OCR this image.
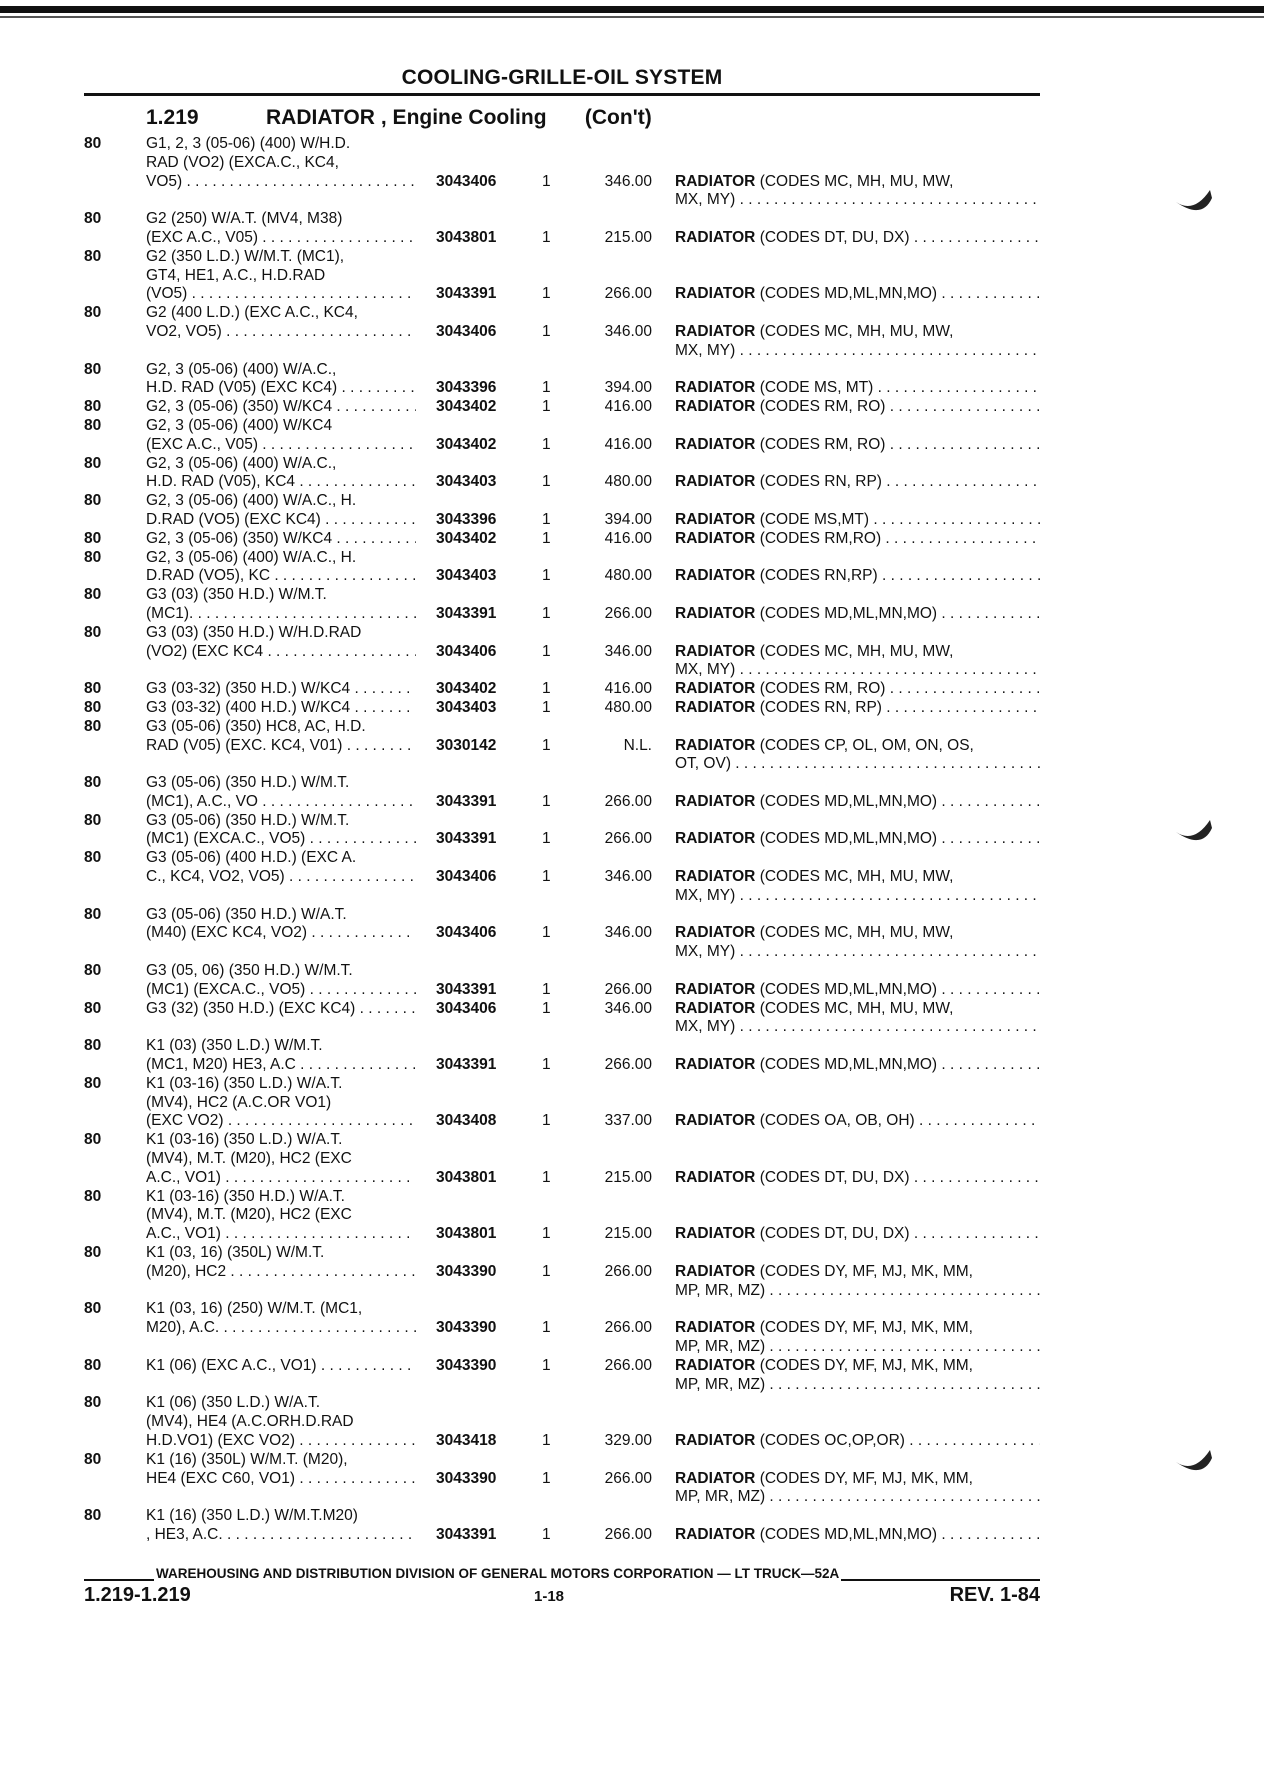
COOLING-GRILLE-OIL SYSTEM
1.219	RADIATOR , Engine Cooling (Con't)
80	G1, 2, 3 (05-06) (400) W/H.D.
RAD (VO2) (EXCA.C., KC4,
VO5) . . .	3043406	1	346.00 RADIATOR (CODES MC, MH, MU, MW,
MX, MY) . . .
80	G2 (250) W/A.T. (MV4, M38)
(EXC A.C., V05) . . .	3043801	1	215.00 RADIATOR (CODES DT, DU, DX) . . .
80	G2 (350 L.D.) W/M.T. (MC1),
GT4, HE1, A.C., H.D.RAD
(VO5) . . .	3043391	1	266.00 RADIATOR (CODES MD,ML,MN,MO) . . .
80	G2 (400 L.D.) (EXC A.C., KC4,
VO2, VO5) . . .	3043406	1	346.00 RADIATOR (CODES MC, MH, MU, MW,
MX, MY) . . .
80	G2, 3 (05-06) (400) W/A.C.,
H.D. RAD (V05) (EXC KC4) . . .	3043396	1	394.00 RADIATOR (CODE MS, MT) . . .
80	G2, 3 (05-06) (350) W/KC4 . . .	3043402	1	416.00 RADIATOR (CODES RM, RO) . . .
80	G2, 3 (05-06) (400) W/KC4
(EXC A.C., V05) . . .	3043402	1	416.00 RADIATOR (CODES RM, RO) . . .
80	G2, 3 (05-06) (400) W/A.C.,
H.D. RAD (V05), KC4 . . .	3043403	1	480.00 RADIATOR (CODES RN, RP) . . .
80	G2, 3 (05-06) (400) W/A.C., H.
D.RAD (VO5) (EXC KC4) . . .	3043396	1	394.00 RADIATOR (CODE MS,MT) . . .
80	G2, 3 (05-06) (350) W/KC4 . . .	3043402	1	416.00 RADIATOR (CODES RM,RO) . . .
80	G2, 3 (05-06) (400) W/A.C., H.
D.RAD (VO5), KC . . .	3043403	1	480.00 RADIATOR (CODES RN,RP) . . .
80	G3 (03) (350 H.D.) W/M.T.
(MC1). . . .	3043391	1	266.00 RADIATOR (CODES MD,ML,MN,MO) . . .
80	G3 (03) (350 H.D.) W/H.D.RAD
(VO2) (EXC KC4 . . .	3043406	1	346.00 RADIATOR (CODES MC, MH, MU, MW,
MX, MY) . . .
80	G3 (03-32) (350 H.D.) W/KC4 . . .	3043402	1	416.00 RADIATOR (CODES RM, RO) . . .
80	G3 (03-32) (400 H.D.) W/KC4 . . .	3043403	1	480.00 RADIATOR (CODES RN, RP) . . .
80	G3 (05-06) (350) HC8, AC, H.D.
RAD (V05) (EXC. KC4, V01) . . .	3030142	1	N.L. RADIATOR (CODES CP, OL, OM, ON, OS,
OT, OV) . . .
80	G3 (05-06) (350 H.D.) W/M.T.
(MC1), A.C., VO . . .	3043391	1	266.00 RADIATOR (CODES MD,ML,MN,MO) . . .
80	G3 (05-06) (350 H.D.) W/M.T.
(MC1) (EXCA.C., VO5) . . .	3043391	1	266.00 RADIATOR (CODES MD,ML,MN,MO) . . .
80	G3 (05-06) (400 H.D.) (EXC A.
C., KC4, VO2, VO5) . . .	3043406	1	346.00 RADIATOR (CODES MC, MH, MU, MW,
MX, MY) . . .
80	G3 (05-06) (350 H.D.) W/A.T.
(M40) (EXC KC4, VO2) . . .	3043406	1	346.00 RADIATOR (CODES MC, MH, MU, MW,
MX, MY) . . .
80	G3 (05, 06) (350 H.D.) W/M.T.
(MC1) (EXCA.C., VO5) . . .	3043391	1	266.00 RADIATOR (CODES MD,ML,MN,MO) . . .
80	G3 (32) (350 H.D.) (EXC KC4) . . .	3043406	1	346.00 RADIATOR (CODES MC, MH, MU, MW,
MX, MY) . . .
80	K1 (03) (350 L.D.) W/M.T.
(MC1, M20) HE3, A.C . . .	3043391	1	266.00 RADIATOR (CODES MD,ML,MN,MO) . . .
80	K1 (03-16) (350 L.D.) W/A.T.
(MV4), HC2 (A.C.OR VO1)
(EXC VO2) . . .	3043408	1	337.00 RADIATOR (CODES OA, OB, OH) . . .
80	K1 (03-16) (350 L.D.) W/A.T.
(MV4), M.T. (M20), HC2 (EXC
A.C., VO1) . . .	3043801	1	215.00 RADIATOR (CODES DT, DU, DX) . . .
80	K1 (03-16) (350 H.D.) W/A.T.
(MV4), M.T. (M20), HC2 (EXC
A.C., VO1) . . .	3043801	1	215.00 RADIATOR (CODES DT, DU, DX) . . .
80	K1 (03, 16) (350L) W/M.T.
(M20), HC2 . . .	3043390	1	266.00 RADIATOR (CODES DY, MF, MJ, MK, MM,
MP, MR, MZ) . . .
80	K1 (03, 16) (250) W/M.T. (MC1,
M20), A.C. . . .	3043390	1	266.00 RADIATOR (CODES DY, MF, MJ, MK, MM,
MP, MR, MZ) . . .
80	K1 (06) (EXC A.C., VO1) . . .	3043390	1	266.00 RADIATOR (CODES DY, MF, MJ, MK, MM,
MP, MR, MZ) . . .
80	K1 (06) (350 L.D.) W/A.T.
(MV4), HE4 (A.C.ORH.D.RAD
H.D.VO1) (EXC VO2) . . .	3043418	1	329.00 RADIATOR (CODES OC,OP,OR) . . .
80	K1 (16) (350L) W/M.T. (M20),
HE4 (EXC C60, VO1) . . .	3043390	1	266.00 RADIATOR (CODES DY, MF, MJ, MK, MM,
MP, MR, MZ) . . .
80	K1 (16) (350 L.D.) W/M.T.M20)
, HE3, A.C. . . .	3043391	1	266.00 RADIATOR (CODES MD,ML,MN,MO) . . .
WAREHOUSING AND DISTRIBUTION DIVISION OF GENERAL MOTORS CORPORATION — LT TRUCK—52A
1.219-1.219	1-18	REV. 1-84
